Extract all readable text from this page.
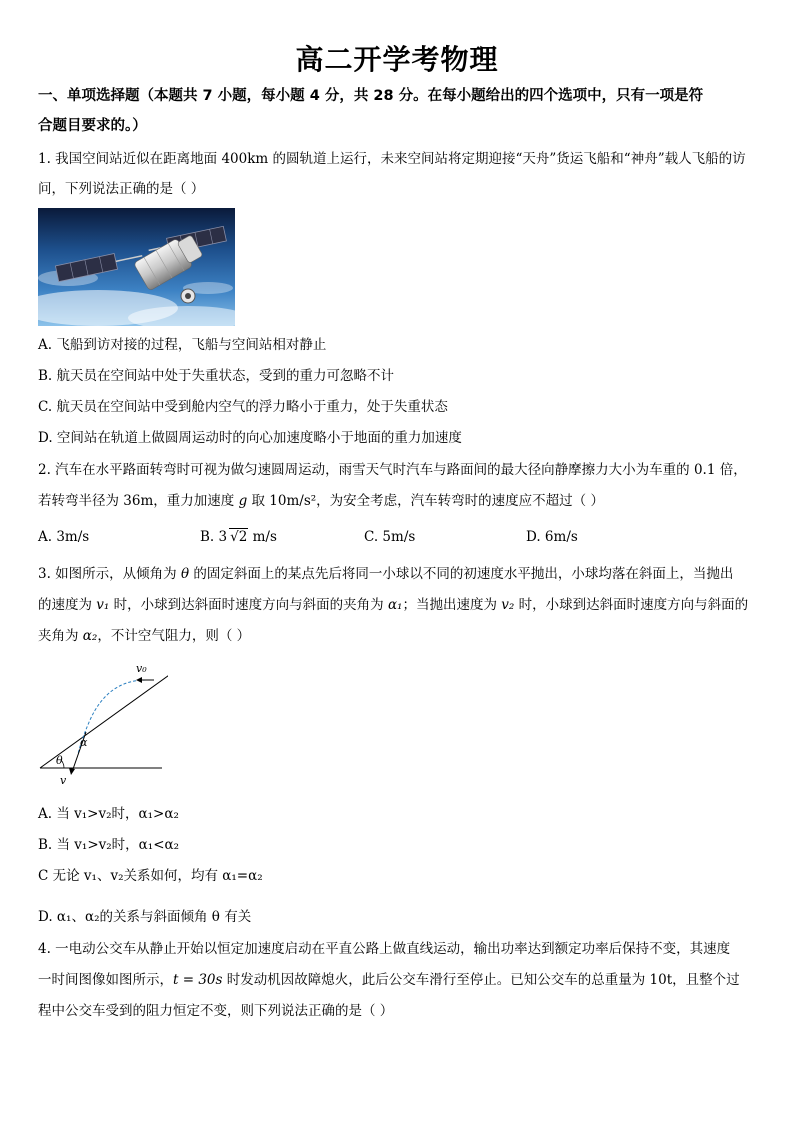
高二开学考物理
一、单项选择题（本题共 7 小题，每小题 4 分，共 28 分。在每小题给出的四个选项中，只有一项是符
合题目要求的。）
1. 我国空间站近似在距离地面 400km 的圆轨道上运行，未来空间站将定期迎接“天舟”货运飞船和“神舟”载人飞船的访
问，下列说法正确的是（ ）
A. 飞船到访对接的过程，飞船与空间站相对静止
B. 航天员在空间站中处于失重状态，受到的重力可忽略不计
C. 航天员在空间站中受到舱内空气的浮力略小于重力，处于失重状态
D. 空间站在轨道上做圆周运动时的向心加速度略小于地面的重力加速度
2. 汽车在水平路面转弯时可视为做匀速圆周运动，雨雪天气时汽车与路面间的最大径向静摩擦力大小为车重的 0.1 倍，
若转弯半径为 36m，重力加速度 g 取 10m/s²，为安全考虑，汽车转弯时的速度应不超过（ ）
A. 3m/s	B. 3 √2 m/s	C. 5m/s	D. 6m/s
3. 如图所示，从倾角为 θ 的固定斜面上的某点先后将同一小球以不同的初速度水平抛出，小球均落在斜面上，当抛出
的速度为 v₁ 时，小球到达斜面时速度方向与斜面的夹角为 α₁；当抛出速度为 v₂ 时，小球到达斜面时速度方向与斜面的
夹角为 α₂，不计空气阻力，则（ ）
v₀
α
θ
v
A. 当 v₁>v₂时，α₁>α₂
B. 当 v₁>v₂时，α₁<α₂
C 无论 v₁、v₂关系如何，均有 α₁=α₂
D. α₁、α₂的关系与斜面倾角 θ 有关
4. 一电动公交车从静止开始以恒定加速度启动在平直公路上做直线运动，输出功率达到额定功率后保持不变，其速度
一时间图像如图所示，t = 30s 时发动机因故障熄火，此后公交车滑行至停止。已知公交车的总重量为 10t，且整个过
程中公交车受到的阻力恒定不变，则下列说法正确的是（ ）
